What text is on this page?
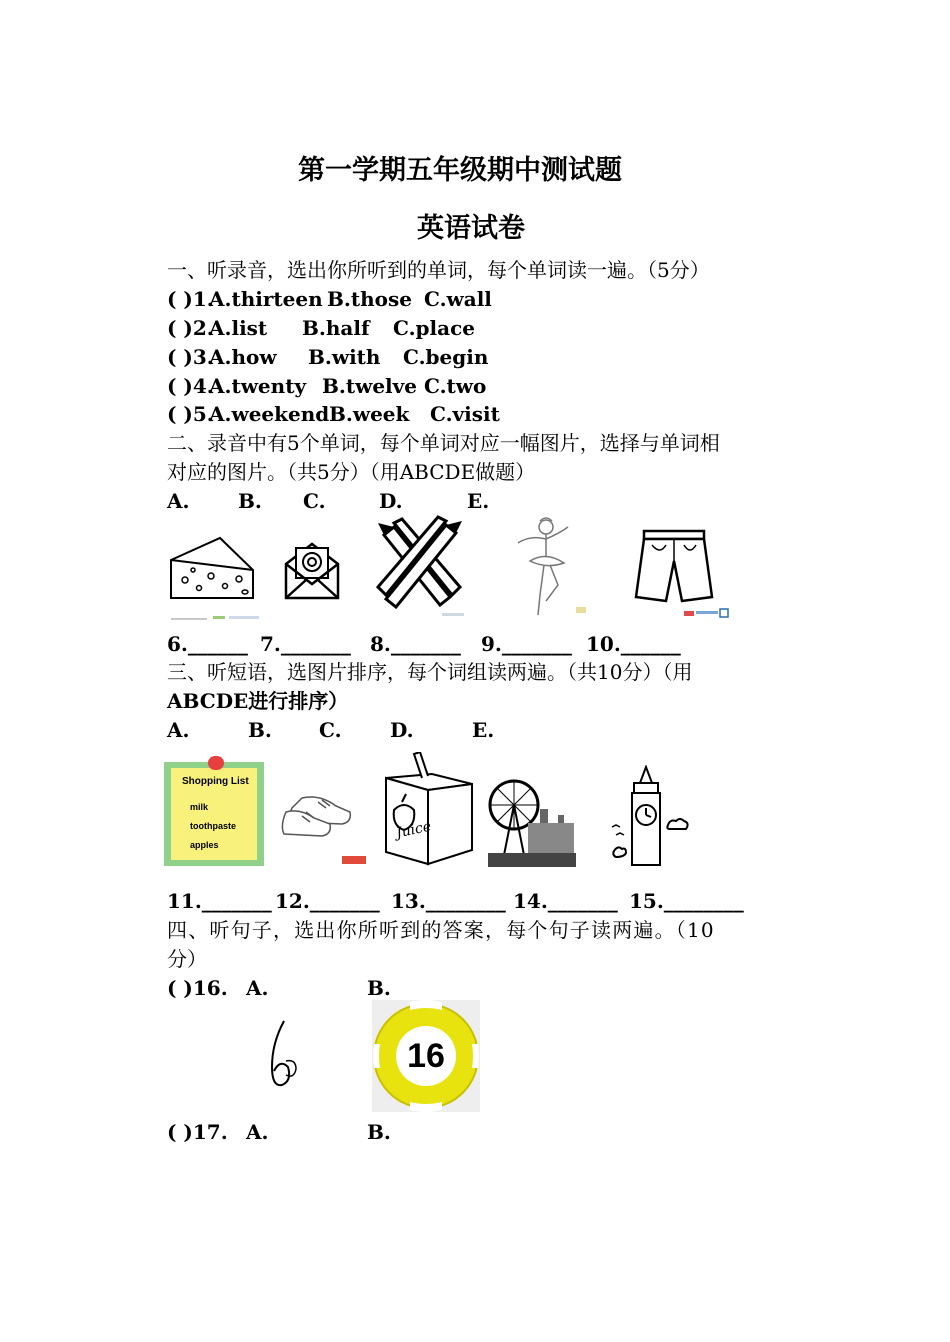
第一学期五年级期中测试题
英语试卷
一、听录音，选出你所听到的单词，每个单词读一遍。（5分）
( )1.
A.thirteen B.those C.wall
( )2.
A.list B.half C.place
( )3.
A.how B.with C.begin
( )4.
A.twenty B.twelve C.two
( )5.
A.weekend B.week C.visit
二、录音中有5个单词，每个单词对应一幅图片，选择与单词相
对应的图片。（共5分）（用ABCDE做题）
A. B. C.	D.	E.
6.______ 7._______ 8._______ 9._______ 10.______
三、听短语，选图片排序，每个词组读两遍。（共10分）（用
ABCDE进行排序）
A.	B. C. D.	E.
Shopping List
milk
toothpaste
apples
Juice
11._______ 12._______ 13.________ 14._______ 15.________
四、听句子，选出你所听到的答案，每个句子读两遍。（10
分）
( )16. A.	B.
16
( )17. A.	B.
